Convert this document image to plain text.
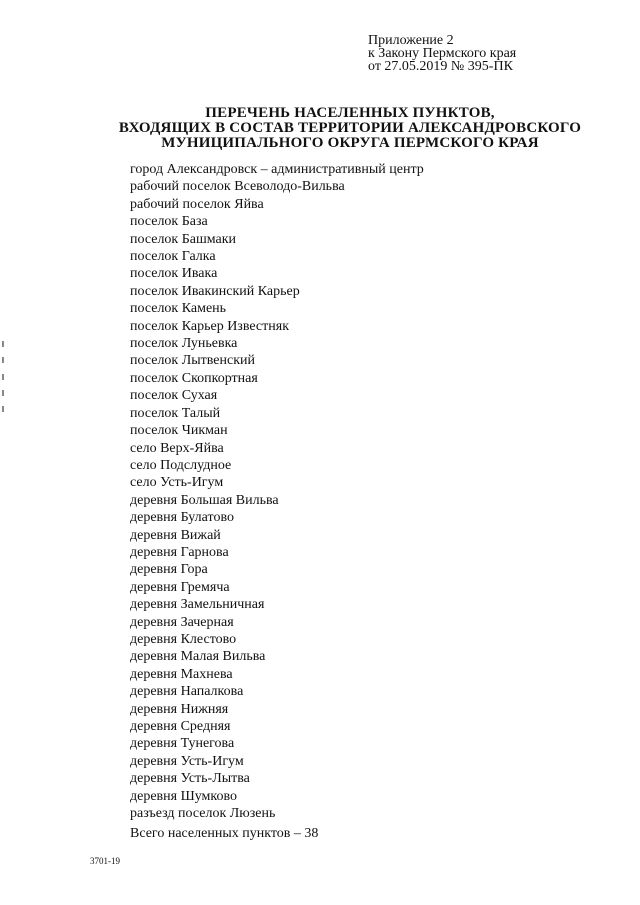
Приложение 2
к Закону Пермского края
от 27.05.2019 № 395-ПК
ПЕРЕЧЕНЬ НАСЕЛЕННЫХ ПУНКТОВ,
ВХОДЯЩИХ В СОСТАВ ТЕРРИТОРИИ АЛЕКСАНДРОВСКОГО
МУНИЦИПАЛЬНОГО ОКРУГА ПЕРМСКОГО КРАЯ
город Александровск – административный центр
рабочий поселок Всеволодо-Вильва
рабочий поселок Яйва
поселок База
поселок Башмаки
поселок Галка
поселок Ивака
поселок Ивакинский Карьер
поселок Камень
поселок Карьер Известняк
поселок Луньевка
поселок Лытвенский
поселок Скопкортная
поселок Сухая
поселок Талый
поселок Чикман
село Верх-Яйва
село Подслудное
село Усть-Игум
деревня Большая Вильва
деревня Булатово
деревня Вижай
деревня Гарнова
деревня Гора
деревня Гремяча
деревня Замельничная
деревня Зачерная
деревня Клестово
деревня Малая Вильва
деревня Махнева
деревня Напалкова
деревня Нижняя
деревня Средняя
деревня Тунегова
деревня Усть-Игум
деревня Усть-Лытва
деревня Шумково
разъезд поселок Люзень
Всего населенных пунктов – 38
3701-19
